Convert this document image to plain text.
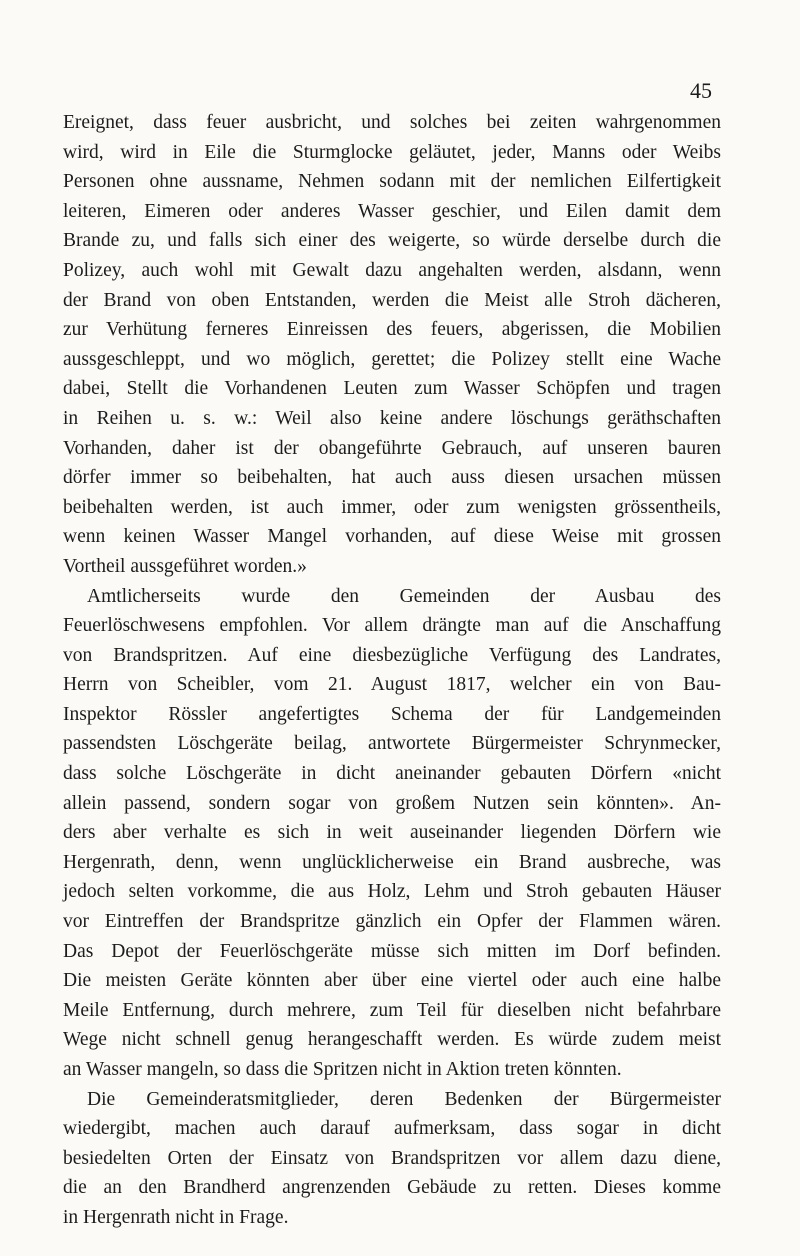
45
Ereignet, dass feuer ausbricht, und solches bei zeiten wahrgenommen
wird, wird in Eile die Sturmglocke geläutet, jeder, Manns oder Weibs
Personen ohne aussname, Nehmen sodann mit der nemlichen Eilfertigkeit
leiteren, Eimeren oder anderes Wasser geschier, und Eilen damit dem
Brande zu, und falls sich einer des weigerte, so würde derselbe durch die
Polizey, auch wohl mit Gewalt dazu angehalten werden, alsdann, wenn
der Brand von oben Entstanden, werden die Meist alle Stroh dächeren,
zur Verhütung ferneres Einreissen des feuers, abgerissen, die Mobilien
aussgeschleppt, und wo möglich, gerettet; die Polizey stellt eine Wache
dabei, Stellt die Vorhandenen Leuten zum Wasser Schöpfen und tragen
in Reihen u. s. w.: Weil also keine andere löschungs geräthschaften
Vorhanden, daher ist der obangeführte Gebrauch, auf unseren bauren
dörfer immer so beibehalten, hat auch auss diesen ursachen müssen
beibehalten werden, ist auch immer, oder zum wenigsten grössentheils,
wenn keinen Wasser Mangel vorhanden, auf diese Weise mit grossen
Vortheil aussgeführet worden.»
Amtlicherseits wurde den Gemeinden der Ausbau des
Feuerlöschwesens empfohlen. Vor allem drängte man auf die Anschaffung
von Brandspritzen. Auf eine diesbezügliche Verfügung des Landrates,
Herrn von Scheibler, vom 21. August 1817, welcher ein von Bau-
Inspektor Rössler angefertigtes Schema der für Landgemeinden
passendsten Löschgeräte beilag, antwortete Bürgermeister Schrynmecker,
dass solche Löschgeräte in dicht aneinander gebauten Dörfern «nicht
allein passend, sondern sogar von großem Nutzen sein könnten». An-
ders aber verhalte es sich in weit auseinander liegenden Dörfern wie
Hergenrath, denn, wenn unglücklicherweise ein Brand ausbreche, was
jedoch selten vorkomme, die aus Holz, Lehm und Stroh gebauten Häuser
vor Eintreffen der Brandspritze gänzlich ein Opfer der Flammen wären.
Das Depot der Feuerlöschgeräte müsse sich mitten im Dorf befinden.
Die meisten Geräte könnten aber über eine viertel oder auch eine halbe
Meile Entfernung, durch mehrere, zum Teil für dieselben nicht befahrbare
Wege nicht schnell genug herangeschafft werden. Es würde zudem meist
an Wasser mangeln, so dass die Spritzen nicht in Aktion treten könnten.
Die Gemeinderatsmitglieder, deren Bedenken der Bürgermeister
wiedergibt, machen auch darauf aufmerksam, dass sogar in dicht
besiedelten Orten der Einsatz von Brandspritzen vor allem dazu diene,
die an den Brandherd angrenzenden Gebäude zu retten. Dieses komme
in Hergenrath nicht in Frage.
